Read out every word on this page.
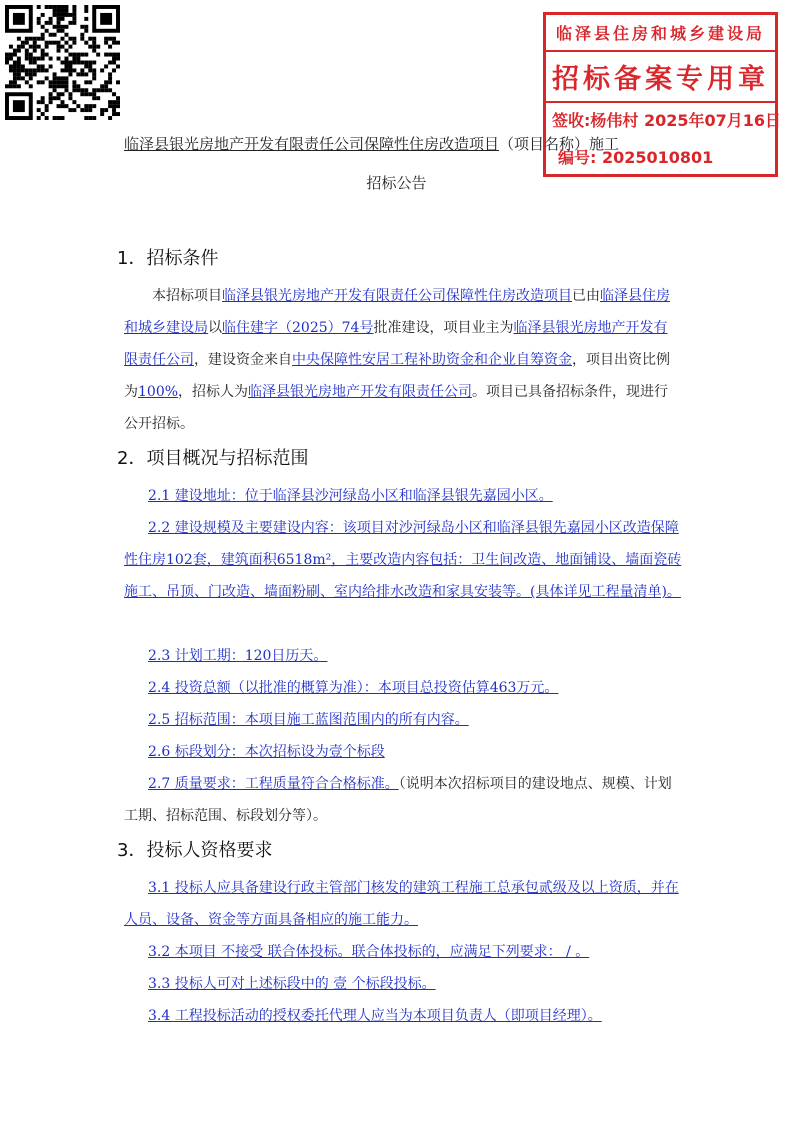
临泽县住房和城乡建设局
招标备案专用章
签收:杨伟村 2025年07月16日
编号: 2025010801
临泽县银光房地产开发有限责任公司保障性住房改造项目（项目名称）施工
招标公告
1．招标条件
本招标项目临泽县银光房地产开发有限责任公司保障性住房改造项目已由临泽县住房和城乡建设局以临住建字（2025）74号批准建设，项目业主为临泽县银光房地产开发有限责任公司，建设资金来自中央保障性安居工程补助资金和企业自筹资金，项目出资比例为100%，招标人为临泽县银光房地产开发有限责任公司。项目已具备招标条件，现进行公开招标。
2．项目概况与招标范围
2.1 建设地址：位于临泽县沙河绿岛小区和临泽县银先嘉园小区。
2.2 建设规模及主要建设内容：该项目对沙河绿岛小区和临泽县银先嘉园小区改造保障性住房102套，建筑面积6518m²，主要改造内容包括：卫生间改造、地面铺设、墙面瓷砖施工、吊顶、门改造、墙面粉刷、室内给排水改造和家具安装等。(具体详见工程量清单)。
2.3 计划工期：120日历天。
2.4 投资总额（以批准的概算为准）：本项目总投资估算463万元。
2.5 招标范围：本项目施工蓝图范围内的所有内容。
2.6 标段划分：本次招标设为壹个标段
2.7 质量要求：工程质量符合合格标准。（说明本次招标项目的建设地点、规模、计划工期、招标范围、标段划分等）。
3．投标人资格要求
3.1 投标人应具备建设行政主管部门核发的建筑工程施工总承包贰级及以上资质，并在人员、设备、资金等方面具备相应的施工能力。
3.2 本项目 不接受 联合体投标。联合体投标的，应满足下列要求： / 。
3.3 投标人可对上述标段中的 壹 个标段投标。
3.4 工程投标活动的授权委托代理人应当为本项目负责人（即项目经理）。
